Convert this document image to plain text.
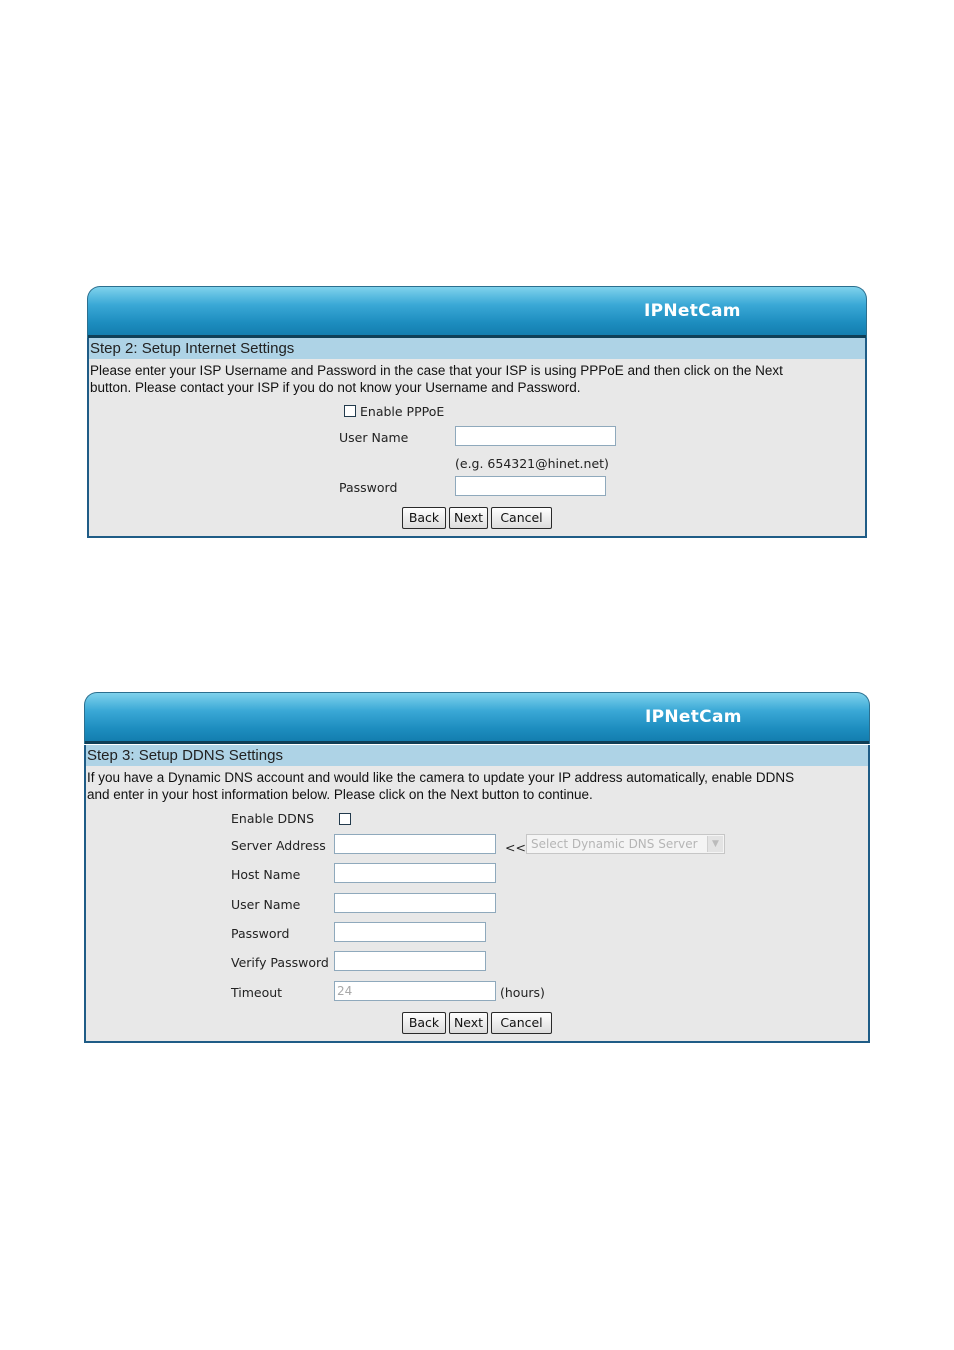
IPNetCam
Step 2: Setup Internet Settings
Please enter your ISP Username and Password in the case that your ISP is using PPPoE and then click on the Next
button. Please contact your ISP if you do not know your Username and Password.
Enable PPPoE
User Name
(e.g. 654321@hinet.net)
Password
Back	Next	Cancel
IPNetCam
Step 3: Setup DDNS Settings
If you have a Dynamic DNS account and would like the camera to update your IP address automatically, enable DDNS
and enter in your host information below. Please click on the Next button to continue.
Enable DDNS
Server Address	<< Select Dynamic DNS Server	▼
Host Name
User Name
Password
Verify Password
Timeout	24	(hours)
Back	Next	Cancel
